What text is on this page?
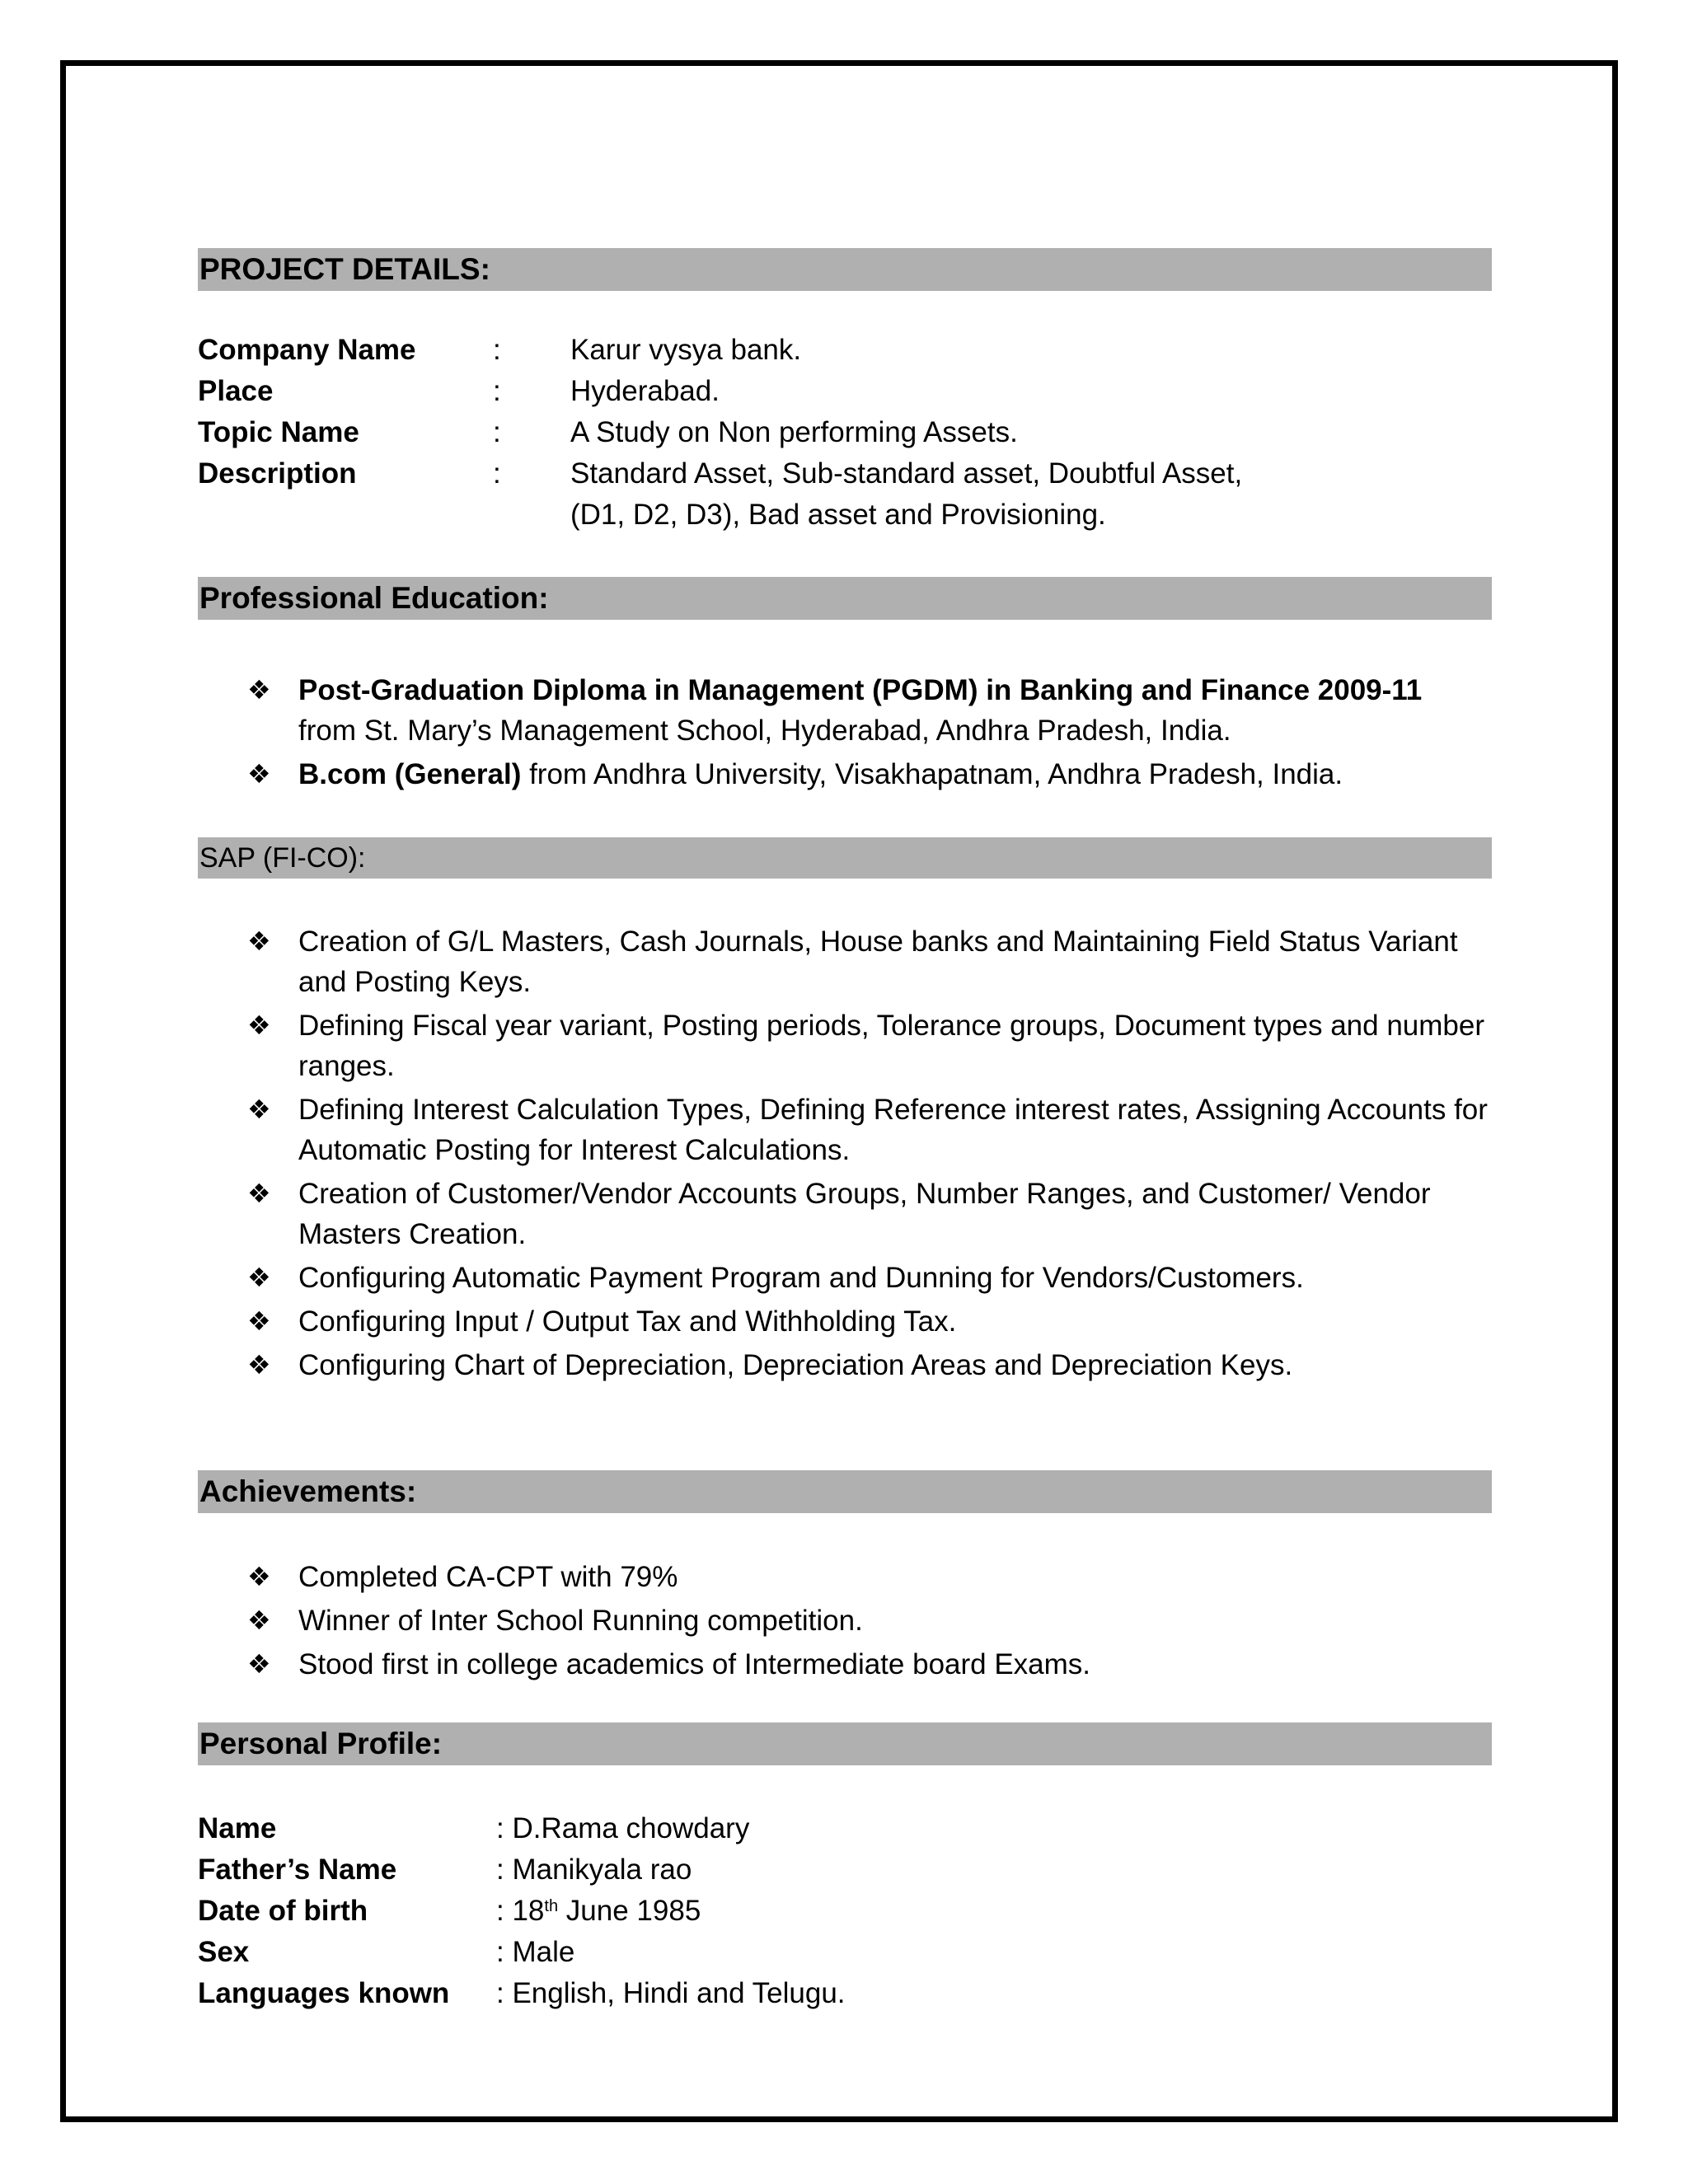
PROJECT DETAILS:
Company Name	: Karur vysya bank.
Place	: Hyderabad.
Topic Name	: A Study on Non performing Assets.
Description	: Standard Asset, Sub-standard asset, Doubtful Asset,
(D1, D2, D3), Bad asset and Provisioning.
Professional Education:
❖ Post-Graduation Diploma in Management (PGDM) in Banking and Finance 2009-11
from St. Mary’s Management School, Hyderabad, Andhra Pradesh, India.
❖ B.com (General) from Andhra University, Visakhapatnam, Andhra Pradesh, India.
SAP (FI-CO):
❖ Creation of G/L Masters, Cash Journals, House banks and Maintaining Field Status Variant and Posting Keys.
❖ Defining Fiscal year variant, Posting periods, Tolerance groups, Document types and number ranges.
❖ Defining Interest Calculation Types, Defining Reference interest rates, Assigning Accounts for Automatic Posting for Interest Calculations.
❖ Creation of Customer/Vendor Accounts Groups, Number Ranges, and Customer/ Vendor Masters Creation.
❖ Configuring Automatic Payment Program and Dunning for Vendors/Customers.
❖ Configuring Input / Output Tax and Withholding Tax.
❖ Configuring Chart of Depreciation, Depreciation Areas and Depreciation Keys.
Achievements:
❖ Completed CA-CPT with 79%
❖ Winner of Inter School Running competition.
❖ Stood first in college academics of Intermediate board Exams.
Personal Profile:
Name	: D.Rama chowdary
Father’s Name	: Manikyala rao
Date of birth	: 18th June 1985
Sex	: Male
Languages known : English, Hindi and Telugu.
